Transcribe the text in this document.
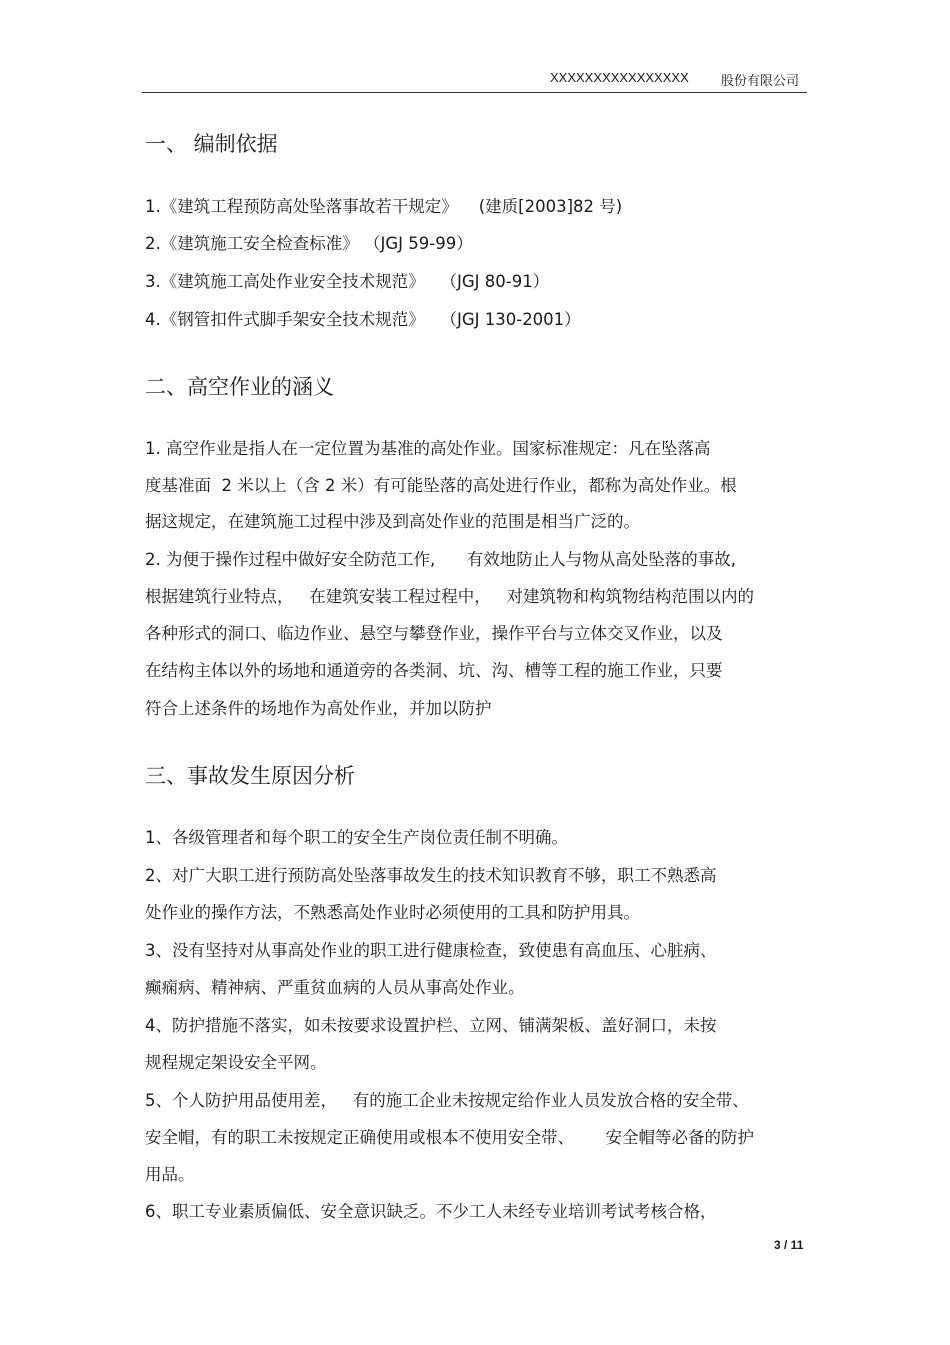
XXXXXXXXXXXXXXXX 股份有限公司
一、 编制依据
1.《建筑工程预防高处坠落事故若干规定》    (建质[2003]82 号)
2.《建筑施工安全检查标准》 （JGJ 59-99）
3.《建筑施工高处作业安全技术规范》   （JGJ 80-91）
4.《钢管扣件式脚手架安全技术规范》   （JGJ 130-2001）
二、高空作业的涵义
1. 高空作业是指人在一定位置为基准的高处作业。国家标准规定：凡在坠落高
度基准面  2 米以上（含 2 米）有可能坠落的高处进行作业，都称为高处作业。根
据这规定，在建筑施工过程中涉及到高处作业的范围是相当广泛的。
2. 为便于操作过程中做好安全防范工作,      有效地防止人与物从高处坠落的事故,
根据建筑行业特点，   在建筑安装工程过程中，   对建筑物和构筑物结构范围以内的
各种形式的洞口、临边作业、悬空与攀登作业，操作平台与立体交叉作业，以及
在结构主体以外的场地和通道旁的各类洞、坑、沟、槽等工程的施工作业，只要
符合上述条件的场地作为高处作业，并加以防护
三、事故发生原因分析
1、各级管理者和每个职工的安全生产岗位责任制不明确。
2、对广大职工进行预防高处坠落事故发生的技术知识教育不够，职工不熟悉高
处作业的操作方法，不熟悉高处作业时必须使用的工具和防护用具。
3、没有坚持对从事高处作业的职工进行健康检查，致使患有高血压、心脏病、
癫痫病、精神病、严重贫血病的人员从事高处作业。
4、防护措施不落实，如未按要求设置护栏、立网、铺满架板、盖好洞口，未按
规程规定架设安全平网。
5、个人防护用品使用差，   有的施工企业未按规定给作业人员发放合格的安全带、
安全帽，有的职工未按规定正确使用或根本不使用安全带、      安全帽等必备的防护
用品。
6、职工专业素质偏低、安全意识缺乏。不少工人未经专业培训考试考核合格，
3 / 11
